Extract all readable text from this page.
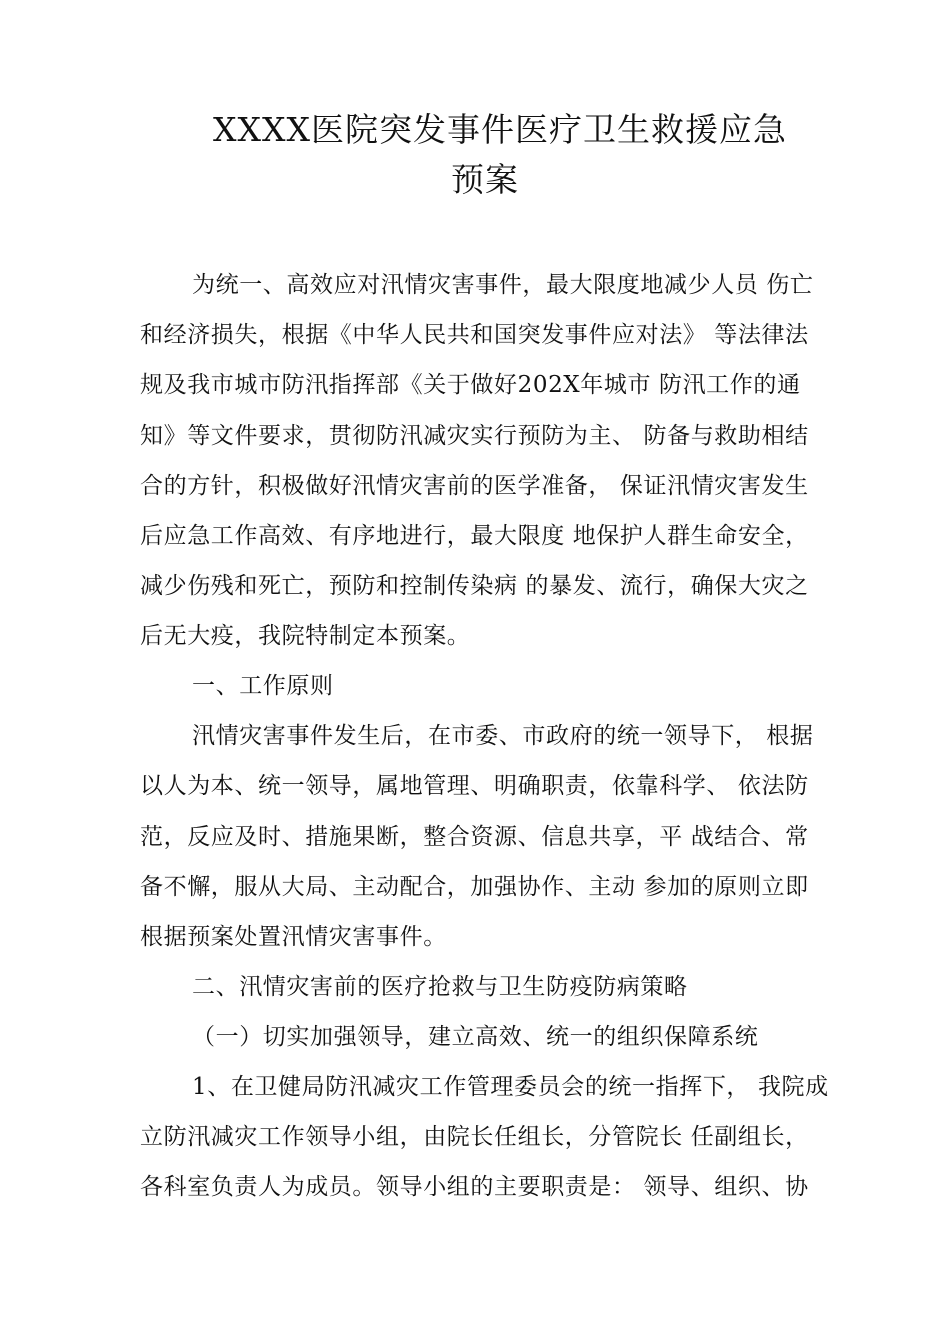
XXXX医院突发事件医疗卫生救援应急
预案
为统一、高效应对汛情灾害事件，最大限度地减少人员 伤亡
和经济损失，根据《中华人民共和国突发事件应对法》 等法律法
规及我市城市防汛指挥部《关于做好202X年城市 防汛工作的通
知》等文件要求，贯彻防汛减灾实行预防为主、 防备与救助相结
合的方针，积极做好汛情灾害前的医学准备， 保证汛情灾害发生
后应急工作高效、有序地进行，最大限度 地保护人群生命安全，
减少伤残和死亡，预防和控制传染病 的暴发、流行，确保大灾之
后无大疫，我院特制定本预案。
一、工作原则
汛情灾害事件发生后，在市委、市政府的统一领导下， 根据
以人为本、统一领导，属地管理、明确职责，依靠科学、 依法防
范，反应及时、措施果断，整合资源、信息共享，平 战结合、常
备不懈，服从大局、主动配合，加强协作、主动 参加的原则立即
根据预案处置汛情灾害事件。
二、汛情灾害前的医疗抢救与卫生防疫防病策略
（一）切实加强领导，建立高效、统一的组织保障系统
1、在卫健局防汛减灾工作管理委员会的统一指挥下， 我院成
立防汛减灾工作领导小组，由院长任组长，分管院长 任副组长，
各科室负责人为成员。领导小组的主要职责是： 领导、组织、协
